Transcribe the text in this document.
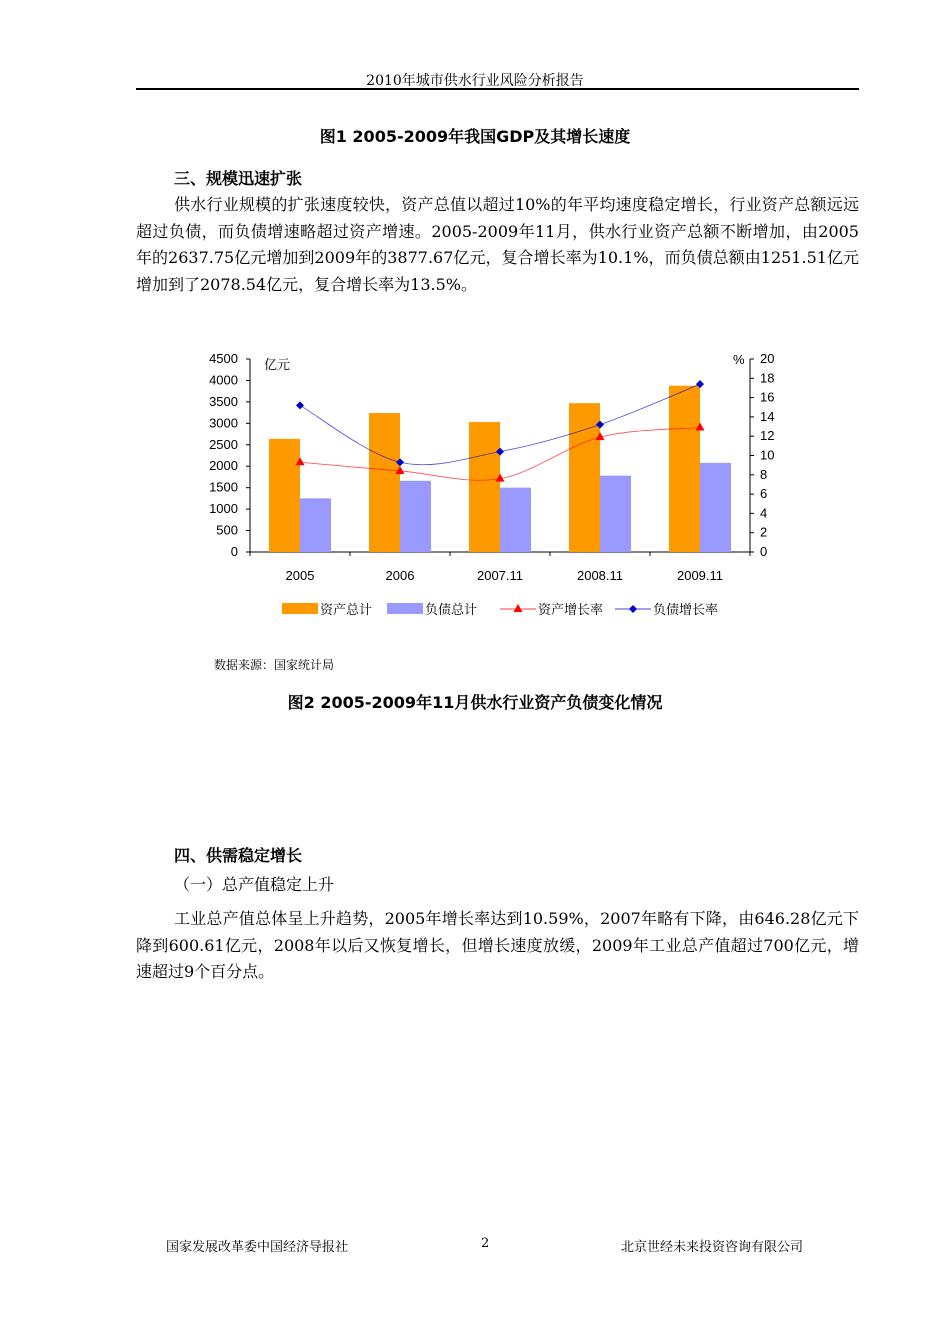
2010年城市供水行业风险分析报告
图1 2005-2009年我国GDP及其增长速度
三、规模迅速扩张

供水行业规模的扩张速度较快，资产总值以超过10%的年平均速度稳定增长，行业资产总额远远超过负债，而负债增速略超过资产增速。2005-2009年11月，供水行业资产总额不断增加，由2005年的2637.75亿元增加到2009年的3877.67亿元，复合增长率为10.1%，而负债总额由1251.51亿元增加到了2078.54亿元，复合增长率为13.5%。

4500
4000
3500
3000
2500
2000
1500
1000
500
0
20
18
16
14
12
10
8
6
4
2
0
亿元	%
2005	2006	2007.11	2008.11	2009.11
资产总计	负债总计	资产增长率	负债增长率
数据来源：国家统计局
图2 2005-2009年11月供水行业资产负债变化情况
四、供需稳定增长
（一）总产值稳定上升

工业总产值总体呈上升趋势，2005年增长率达到10.59%，2007年略有下降，由646.28亿元下降到600.61亿元，2008年以后又恢复增长，但增长速度放缓，2009年工业总产值超过700亿元，增速超过9个百分点。

国家发展改革委中国经济导报社	2	北京世经未来投资咨询有限公司
